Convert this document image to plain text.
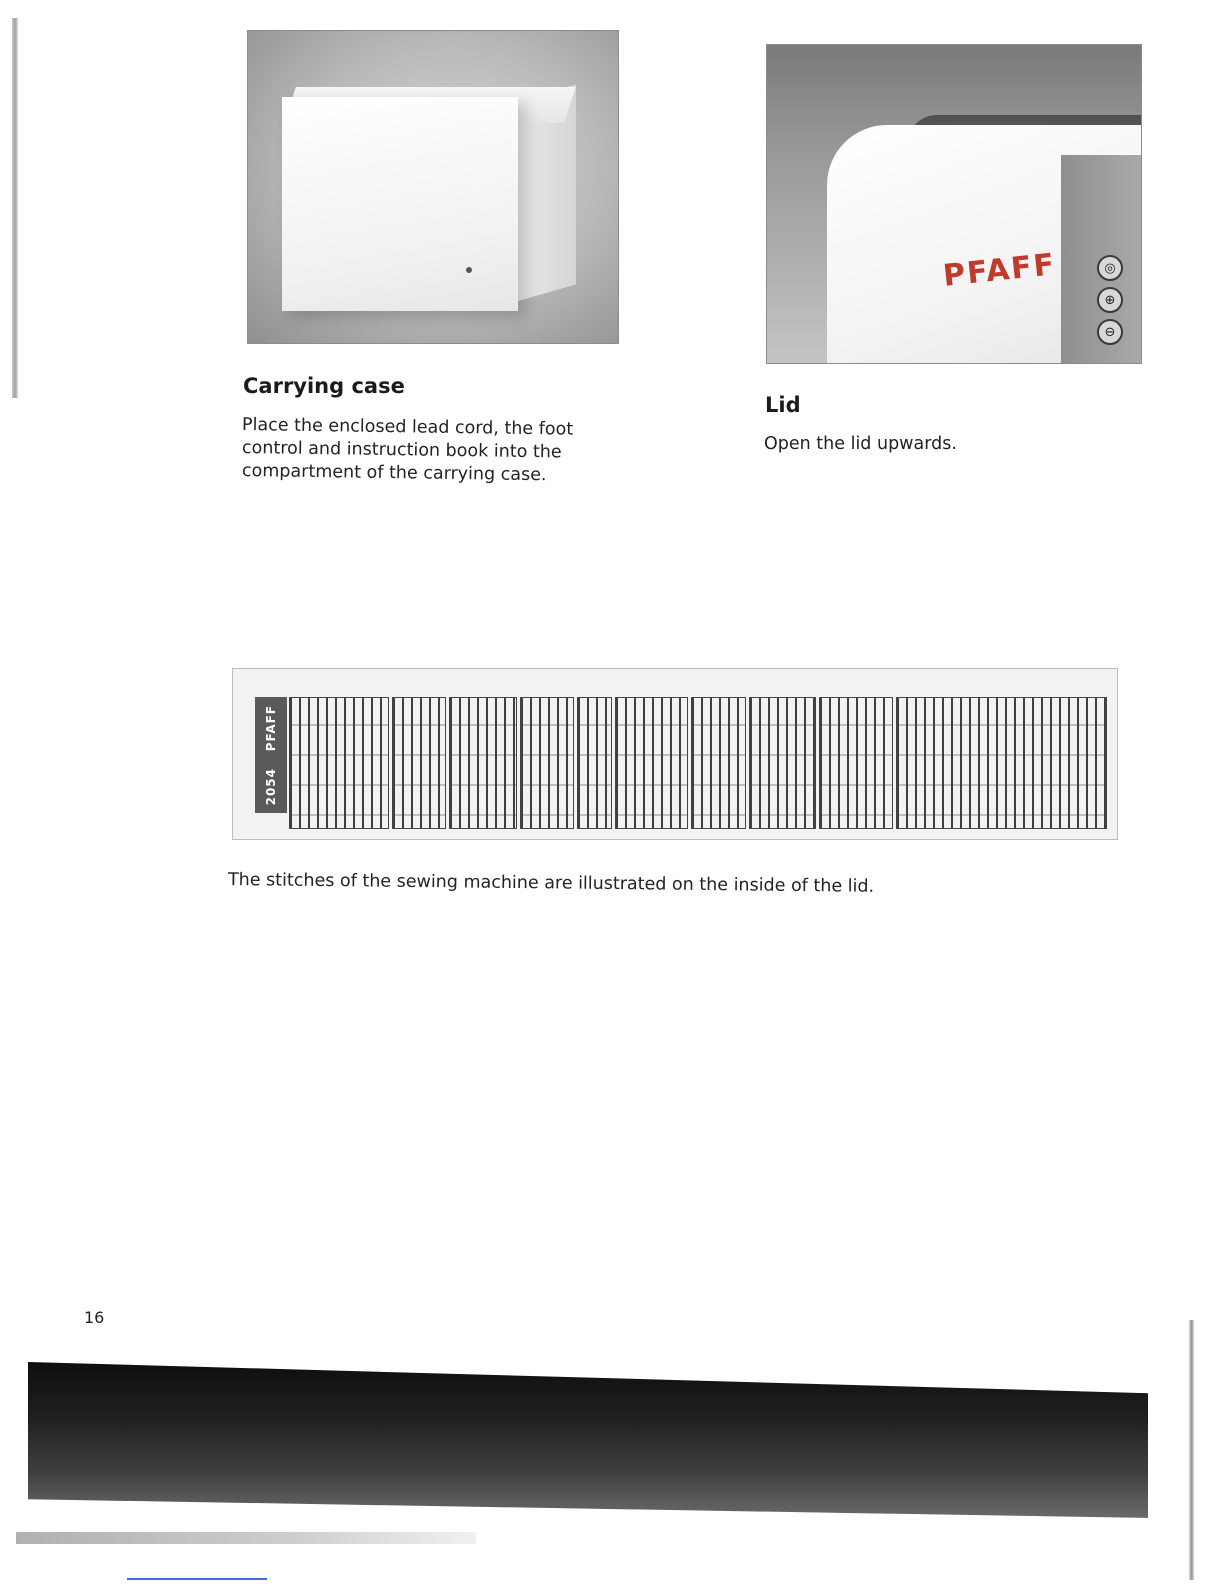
PFAFF	◎
⊕
⊖
Carrying case
Place the enclosed lead cord, the foot
control and instruction book into the
compartment of the carrying case.
Lid
Open the lid upwards.
PFAFF
2054
The stitches of the sewing machine are illustrated on the inside of the lid.
16
